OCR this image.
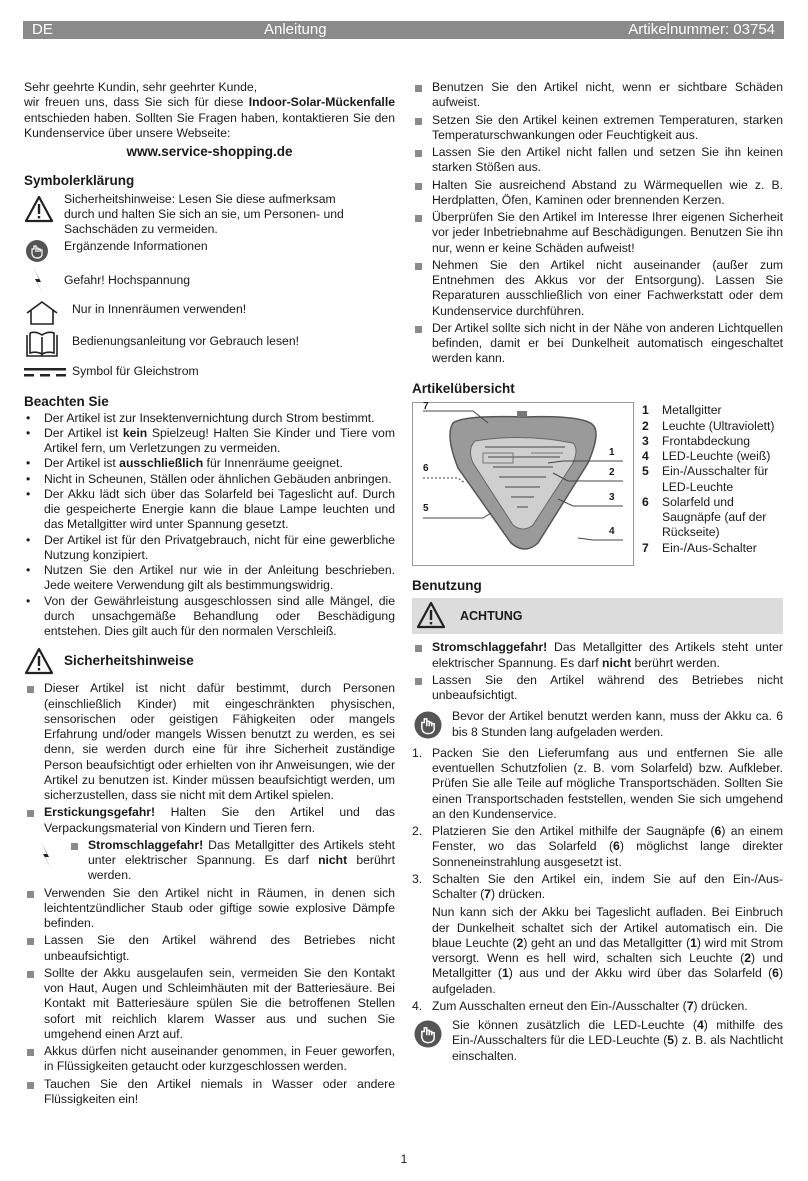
DE	Anleitung	Artikelnummer: 03754

Sehr geehrte Kundin, sehr geehrter Kunde,

wir freuen uns, dass Sie sich für diese Indoor-Solar-Mückenfalle entschieden haben. Sollten Sie Fragen haben, kontaktieren Sie den Kundenservice über unsere Webseite:

www.service-shopping.de

Symbolerklärung

Sicherheitshinweise: Lesen Sie diese aufmerksam durch und halten Sie sich an sie, um Personen- und Sachschäden zu vermeiden.

Ergänzende Informationen

Gefahr! Hochspannung

Nur in Innenräumen verwenden!

Bedienungsanleitung vor Gebrauch lesen!

Symbol für Gleichstrom

Beachten Sie
• Der Artikel ist zur Insektenvernichtung durch Strom bestimmt.
• Der Artikel ist kein Spielzeug! Halten Sie Kinder und Tiere vom Artikel fern, um Verletzungen zu vermeiden.
• Der Artikel ist ausschließlich für Innenräume geeignet.
• Nicht in Scheunen, Ställen oder ähnlichen Gebäuden anbringen.
• Der Akku lädt sich über das Solarfeld bei Tageslicht auf. Durch die gespeicherte Energie kann die blaue Lampe leuchten und das Metallgitter wird unter Spannung gesetzt.
• Der Artikel ist für den Privatgebrauch, nicht für eine gewerbliche Nutzung konzipiert.
• Nutzen Sie den Artikel nur wie in der Anleitung beschrieben. Jede weitere Verwendung gilt als bestimmungswidrig.
• Von der Gewährleistung ausgeschlossen sind alle Mängel, die durch unsachgemäße Behandlung oder Beschädigung entstehen. Dies gilt auch für den normalen Verschleiß.
Sicherheitshinweise
Dieser Artikel ist nicht dafür bestimmt, durch Personen (einschließlich Kinder) mit eingeschränkten physischen, sensorischen oder geistigen Fähigkeiten oder mangels Erfahrung und/oder mangels Wissen benutzt zu werden, es sei denn, sie werden durch eine für ihre Sicherheit zuständige Person beaufsichtigt oder erhielten von ihr Anweisungen, wie der Artikel zu benutzen ist. Kinder müssen beaufsichtigt werden, um sicherzustellen, dass sie nicht mit dem Artikel spielen.
Erstickungsgefahr! Halten Sie den Artikel und das Verpackungsmaterial von Kindern und Tieren fern.
Stromschlaggefahr! Das Metallgitter des Artikels steht unter elektrischer Spannung. Es darf nicht berührt werden.
Verwenden Sie den Artikel nicht in Räumen, in denen sich leichtentzündlicher Staub oder giftige sowie explosive Dämpfe befinden.
Lassen Sie den Artikel während des Betriebes nicht unbeaufsichtigt.
Sollte der Akku ausgelaufen sein, vermeiden Sie den Kontakt von Haut, Augen und Schleimhäuten mit der Batteriesäure. Bei Kontakt mit Batteriesäure spülen Sie die betroffenen Stellen sofort mit reichlich klarem Wasser aus und suchen Sie umgehend einen Arzt auf.
Akkus dürfen nicht auseinander genommen, in Feuer geworfen, in Flüssigkeiten getaucht oder kurzgeschlossen werden.
Tauchen Sie den Artikel niemals in Wasser oder andere Flüssigkeiten ein!
Benutzen Sie den Artikel nicht, wenn er sichtbare Schäden aufweist.
Setzen Sie den Artikel keinen extremen Temperaturen, starken Temperaturschwankungen oder Feuchtigkeit aus.
Lassen Sie den Artikel nicht fallen und setzen Sie ihn keinen starken Stößen aus.
Halten Sie ausreichend Abstand zu Wärmequellen wie z. B. Herdplatten, Öfen, Kaminen oder brennenden Kerzen.
Überprüfen Sie den Artikel im Interesse Ihrer eigenen Sicherheit vor jeder Inbetriebnahme auf Beschädigungen. Benutzen Sie ihn nur, wenn er keine Schäden aufweist!
Nehmen Sie den Artikel nicht auseinander (außer zum Entnehmen des Akkus vor der Entsorgung). Lassen Sie Reparaturen ausschließlich von einer Fachwerkstatt oder dem Kundenservice durchführen.
Der Artikel sollte sich nicht in der Nähe von anderen Lichtquellen befinden, damit er bei Dunkelheit automatisch eingeschaltet werden kann.
Artikelübersicht
7
6
5
1
2
3
4
1 Metallgitter
2 Leuchte (Ultraviolett)
3 Frontabdeckung
4 LED-Leuchte (weiß)
5 Ein-/Ausschalter für LED-Leuchte
6 Solarfeld und Saugnäpfe (auf der Rückseite)
7 Ein-/Aus-Schalter
Benutzung
ACHTUNG
Stromschlaggefahr! Das Metallgitter des Artikels steht unter elektrischer Spannung. Es darf nicht berührt werden.
Lassen Sie den Artikel während des Betriebes nicht unbeaufsichtigt.

Bevor der Artikel benutzt werden kann, muss der Akku ca. 6 bis 8 Stunden lang aufgeladen werden.

1. Packen Sie den Lieferumfang aus und entfernen Sie alle eventuellen Schutzfolien (z. B. vom Solarfeld) bzw. Aufkleber. Prüfen Sie alle Teile auf mögliche Transportschäden. Sollten Sie einen Transportschaden feststellen, wenden Sie sich umgehend an den Kundenservice.
2. Platzieren Sie den Artikel mithilfe der Saugnäpfe (6) an einem Fenster, wo das Solarfeld (6) möglichst lange direkter Sonneneinstrahlung ausgesetzt ist.
3. Schalten Sie den Artikel ein, indem Sie auf den Ein-/Aus-Schalter (7) drücken.

Nun kann sich der Akku bei Tageslicht aufladen. Bei Einbruch der Dunkelheit schaltet sich der Artikel automatisch ein. Die blaue Leuchte (2) geht an und das Metallgitter (1) wird mit Strom versorgt. Wenn es hell wird, schalten sich Leuchte (2) und Metallgitter (1) aus und der Akku wird über das Solarfeld (6) aufgeladen.

4. Zum Ausschalten erneut den Ein-/Ausschalter (7) drücken.

Sie können zusätzlich die LED-Leuchte (4) mithilfe des Ein-/Ausschalters für die LED-Leuchte (5) z. B. als Nachtlicht einschalten.

1
